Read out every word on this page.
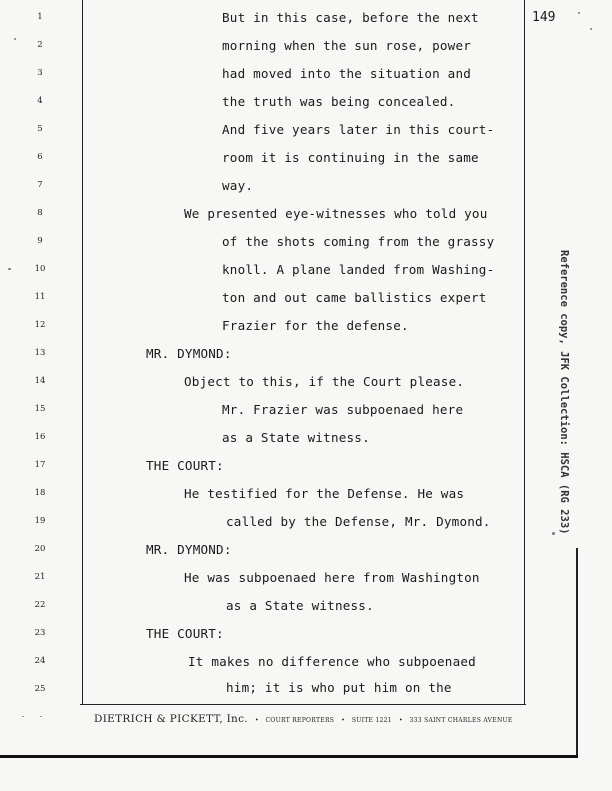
149
Reference copy, JFK Collection: HSCA (RG 233)
1	But in this case, before the next
2	morning when the sun rose, power
3	had moved into the situation and
4	the truth was being concealed.
5	And five years later in this court-
6	room it is continuing in the same
7	way.
8	We presented eye-witnesses who told you
9	of the shots coming from the grassy
10	knoll. A plane landed from Washing-
11	ton and out came ballistics expert
12	Frazier for the defense.
13	MR. DYMOND:
14	Object to this, if the Court please.
15	Mr. Frazier was subpoenaed here
16	as a State witness.
17	THE COURT:
18	He testified for the Defense. He was
19	called by the Defense, Mr. Dymond.
20	MR. DYMOND:
21	He was subpoenaed here from Washington
22	as a State witness.
23	THE COURT:
24	It makes no difference who subpoenaed
25	him; it is who put him on the
DIETRICH & PICKETT, Inc. • COURT REPORTERS • SUITE 1221 • 333 SAINT CHARLES AVENUE
